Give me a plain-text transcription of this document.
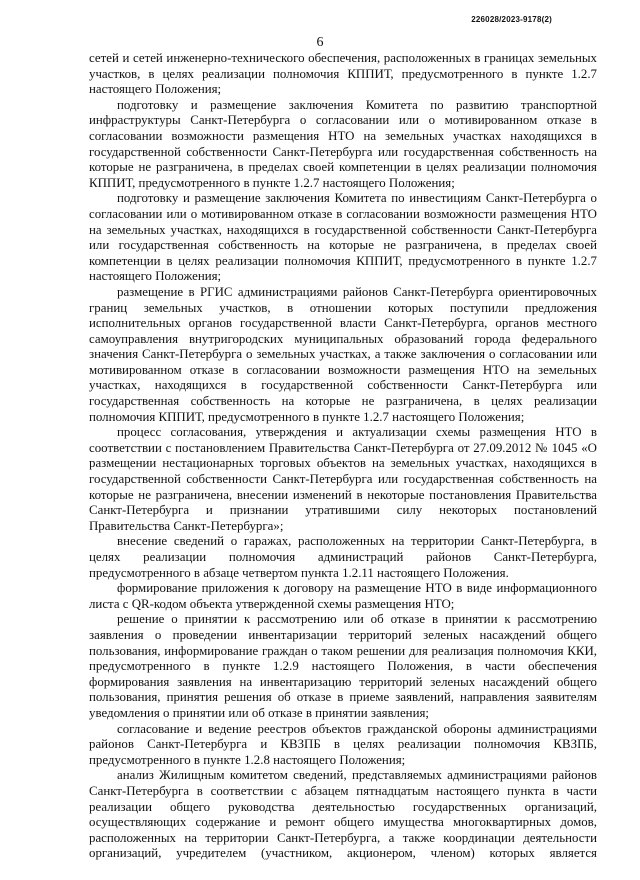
226028/2023-9178(2)
6

сетей и сетей инженерно-технического обеспечения, расположенных в границах земельных участков, в целях реализации полномочия КППИТ, предусмотренного в пункте 1.2.7 настоящего Положения;

подготовку и размещение заключения Комитета по развитию транспортной инфраструктуры Санкт-Петербурга о согласовании или о мотивированном отказе в согласовании возможности размещения НТО на земельных участках находящихся в государственной собственности Санкт-Петербурга или государственная собственность на которые не разграничена, в пределах своей компетенции в целях реализации полномочия КППИТ, предусмотренного в пункте 1.2.7 настоящего Положения;

подготовку и размещение заключения Комитета по инвестициям Санкт-Петербурга о согласовании или о мотивированном отказе в согласовании возможности размещения НТО на земельных участках, находящихся в государственной собственности Санкт-Петербурга или государственная собственность на которые не разграничена, в пределах своей компетенции в целях реализации полномочия КППИТ, предусмотренного в пункте 1.2.7 настоящего Положения;

размещение в РГИС администрациями районов Санкт-Петербурга ориентировочных границ земельных участков, в отношении которых поступили предложения исполнительных органов государственной власти Санкт-Петербурга, органов местного самоуправления внутригородских муниципальных образований города федерального значения Санкт-Петербурга о земельных участках, а также заключения о согласовании или мотивированном отказе в согласовании возможности размещения НТО на земельных участках, находящихся в государственной собственности Санкт-Петербурга или государственная собственность на которые не разграничена, в целях реализации полномочия КППИТ, предусмотренного в пункте 1.2.7 настоящего Положения;

процесс согласования, утверждения и актуализации схемы размещения НТО в соответствии с постановлением Правительства Санкт-Петербурга от 27.09.2012 № 1045 «О размещении нестационарных торговых объектов на земельных участках, находящихся в государственной собственности Санкт-Петербурга или государственная собственность на которые не разграничена, внесении изменений в некоторые постановления Правительства Санкт-Петербурга и признании утратившими силу некоторых постановлений Правительства Санкт-Петербурга»;

внесение сведений о гаражах, расположенных на территории Санкт-Петербурга, в целях реализации полномочия администраций районов Санкт-Петербурга, предусмотренного в абзаце четвертом пункта 1.2.11 настоящего Положения.

формирование приложения к договору на размещение НТО в виде информационного листа с QR-кодом объекта утвержденной схемы размещения НТО;

решение о принятии к рассмотрению или об отказе в принятии к рассмотрению заявления о проведении инвентаризации территорий зеленых насаждений общего пользования, информирование граждан о таком решении для реализация полномочия ККИ, предусмотренного в пункте 1.2.9 настоящего Положения, в части обеспечения формирования заявления на инвентаризацию территорий зеленых насаждений общего пользования, принятия решения об отказе в приеме заявлений, направления заявителям уведомления о принятии или об отказе в принятии заявления;

согласование и ведение реестров объектов гражданской обороны администрациями районов Санкт-Петербурга и КВЗПБ в целях реализации полномочия КВЗПБ, предусмотренного в пункте 1.2.8 настоящего Положения;

анализ Жилищным комитетом сведений, представляемых администрациями районов Санкт-Петербурга в соответствии с абзацем пятнадцатым настоящего пункта в части реализации общего руководства деятельностью государственных организаций, осуществляющих содержание и ремонт общего имущества многоквартирных домов, расположенных на территории Санкт-Петербурга, а также координации деятельности организаций, учредителем (участником, акционером, членом) которых является
